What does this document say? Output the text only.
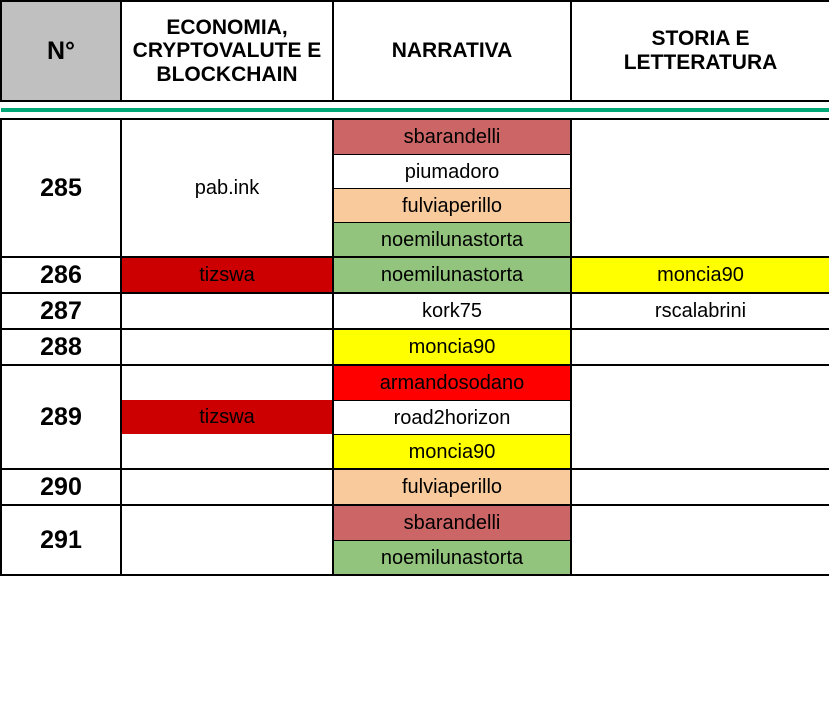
N°	ECONOMIA, CRYPTOVALUTE E BLOCKCHAIN	NARRATIVA	STORIA E LETTERATURA

285	pab.ink	sbarandelli
piumadoro
fulviaperillo
noemilunastorta	

286	tizswa	noemilunastorta	moncia90

287		kork75	rscalabrini

288		moncia90	

289	tizswa	armandosodano
road2horizon
moncia90	

290		fulviaperillo	

291		sbarandelli
noemilunastorta	
